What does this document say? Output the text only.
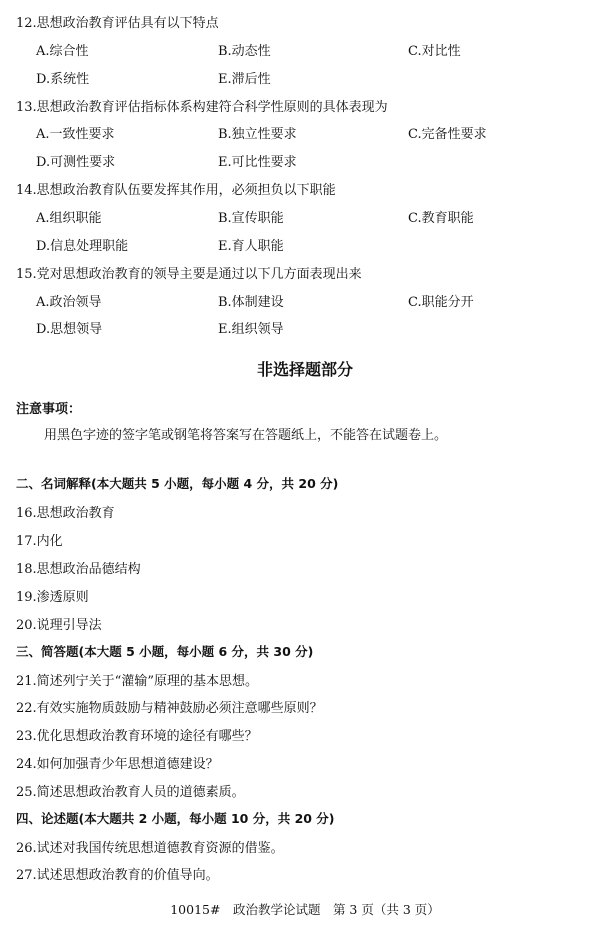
12.思想政治教育评估具有以下特点
A.综合性	B.动态性	C.对比性
D.系统性	E.滞后性
13.思想政治教育评估指标体系构建符合科学性原则的具体表现为
A.一致性要求	B.独立性要求	C.完备性要求
D.可测性要求	E.可比性要求
14.思想政治教育队伍要发挥其作用，必须担负以下职能
A.组织职能	B.宣传职能	C.教育职能
D.信息处理职能	E.育人职能
15.党对思想政治教育的领导主要是通过以下几方面表现出来
A.政治领导	B.体制建设	C.职能分开
D.思想领导	E.组织领导
非选择题部分
注意事项：
用黑色字迹的签字笔或钢笔将答案写在答题纸上，不能答在试题卷上。
二、名词解释(本大题共 5 小题，每小题 4 分，共 20 分)
16.思想政治教育
17.内化
18.思想政治品德结构
19.渗透原则
20.说理引导法
三、简答题(本大题 5 小题，每小题 6 分，共 30 分)
21.简述列宁关于“灌输”原理的基本思想。
22.有效实施物质鼓励与精神鼓励必须注意哪些原则？
23.优化思想政治教育环境的途径有哪些？
24.如何加强青少年思想道德建设？
25.简述思想政治教育人员的道德素质。
四、论述题(本大题共 2 小题，每小题 10 分，共 20 分)
26.试述对我国传统思想道德教育资源的借鉴。
27.试述思想政治教育的价值导向。
10015#　政治教学论试题　第 3 页（共 3 页）
